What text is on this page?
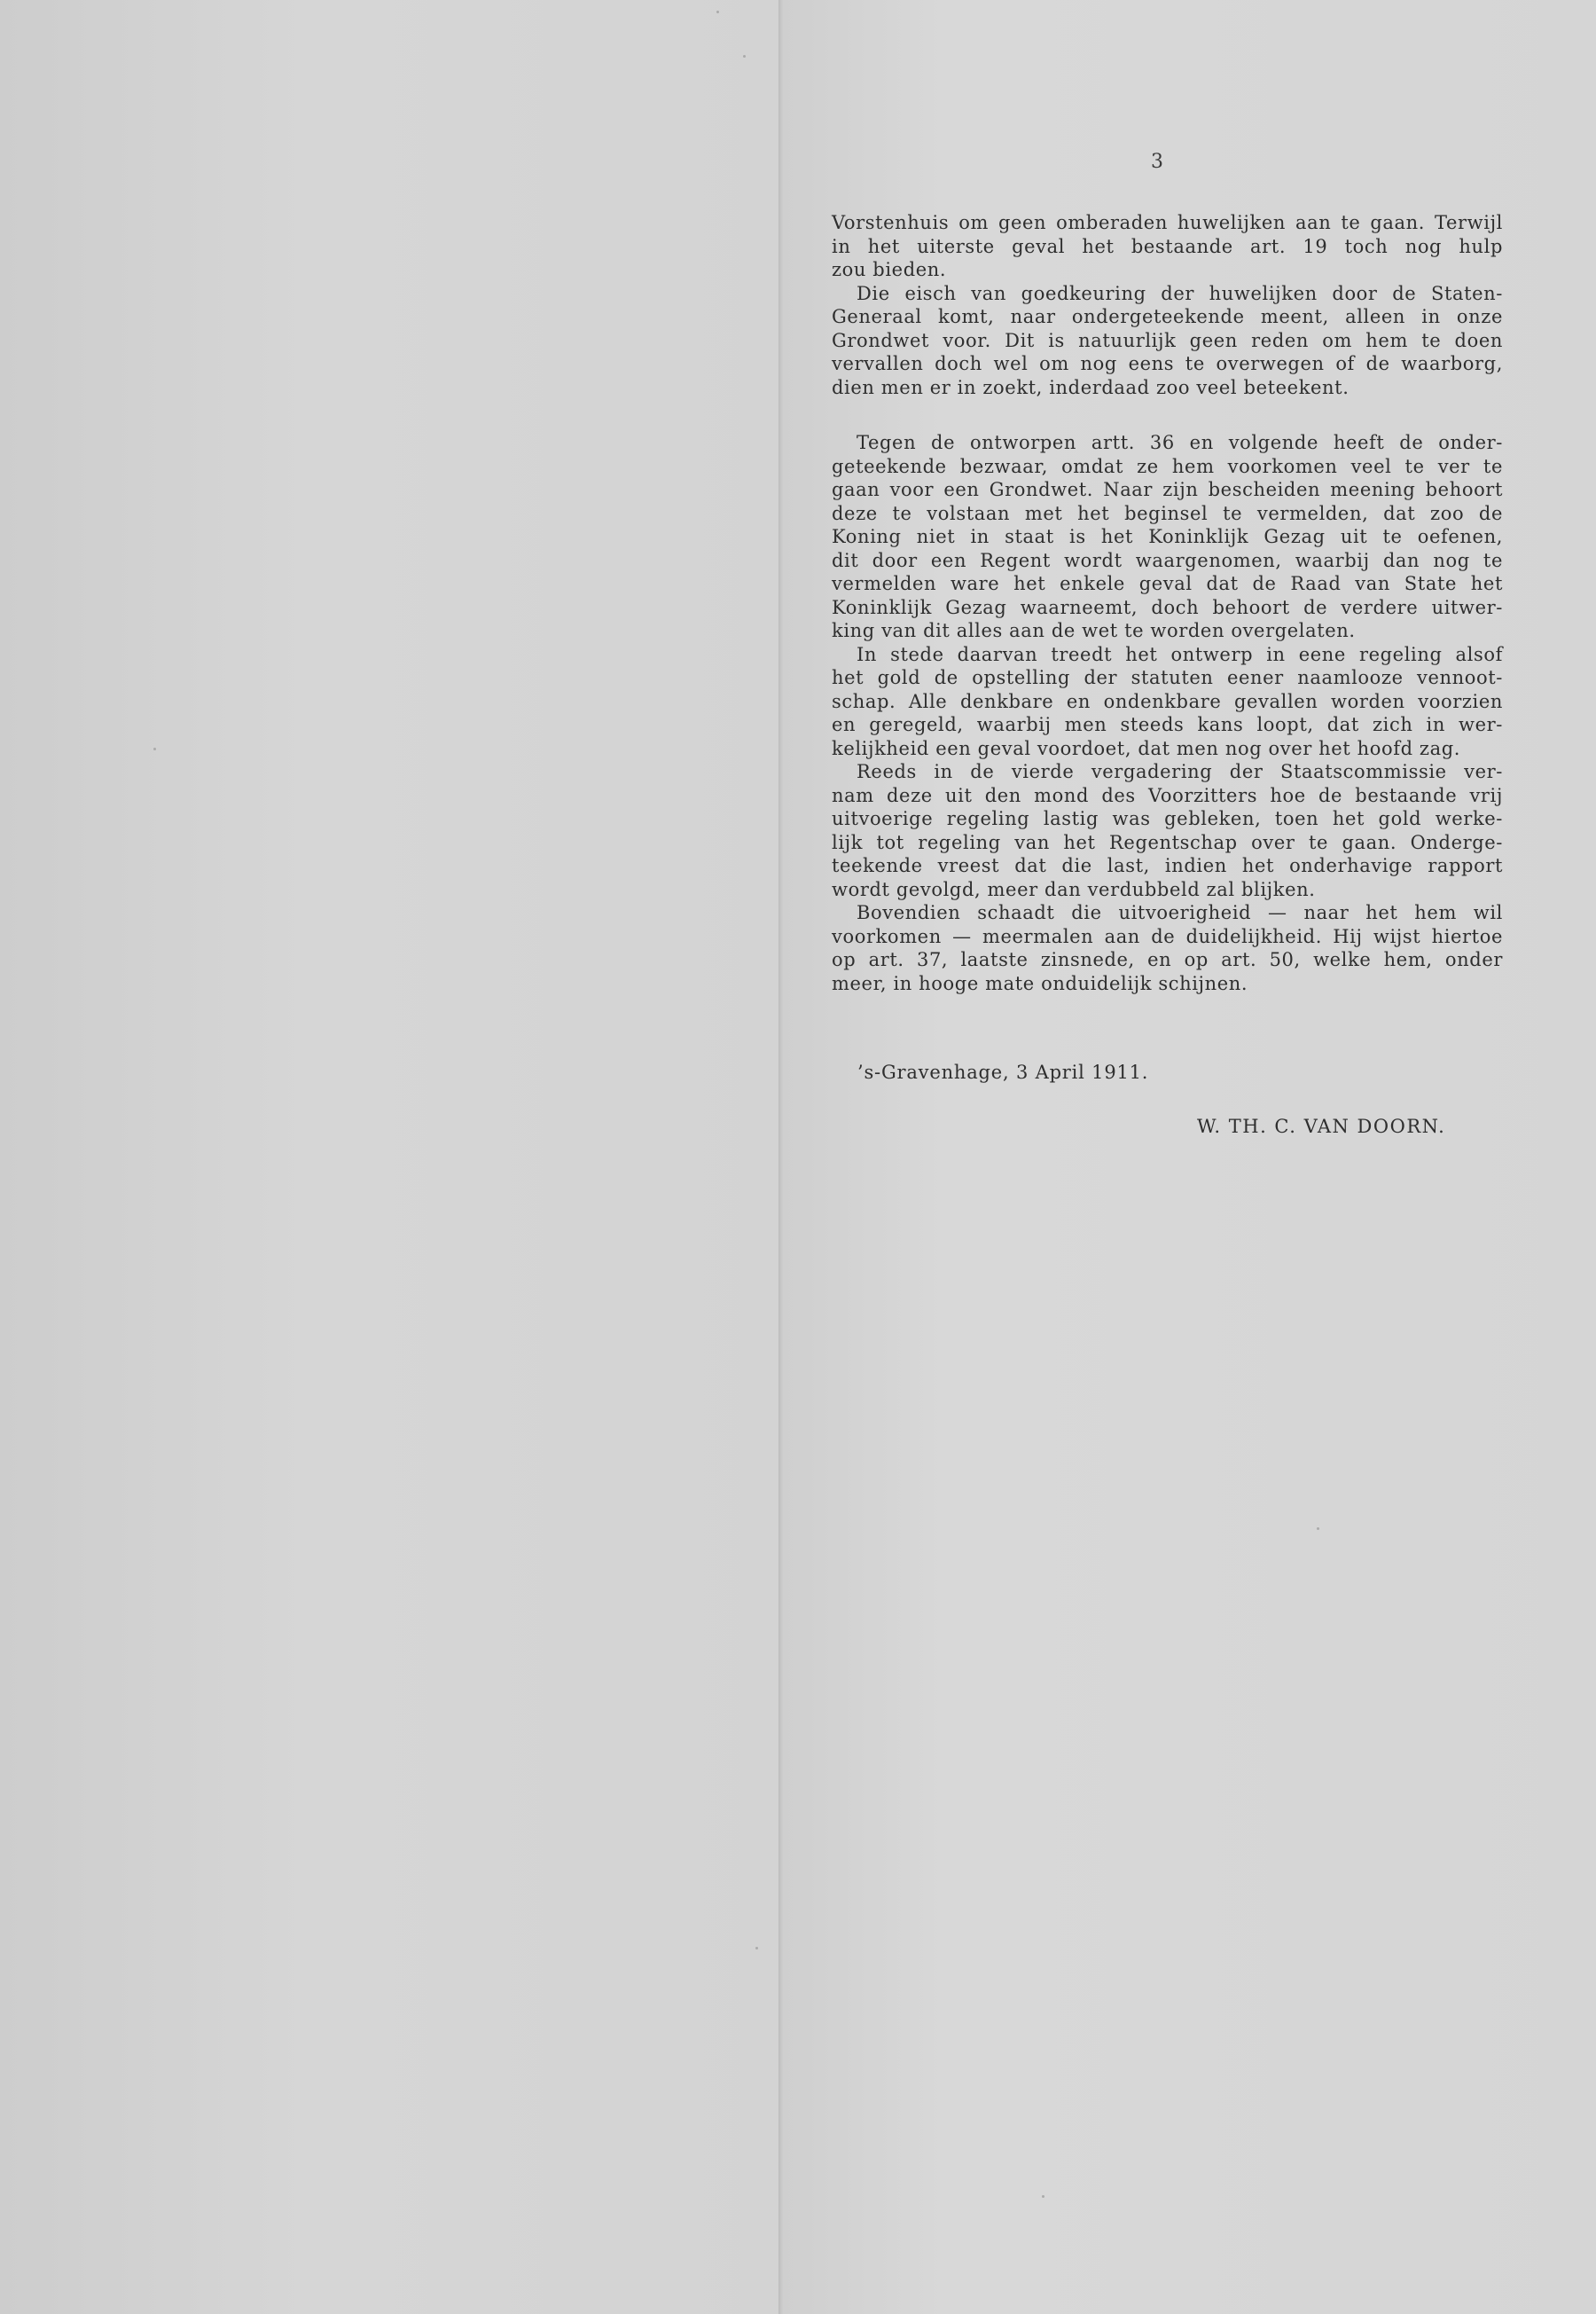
3
Vorstenhuis om geen omberaden huwelijken aan te gaan. Terwijl
in het uiterste geval het bestaande art. 19 toch nog hulp
zou bieden.
Die eisch van goedkeuring der huwelijken door de Staten-
Generaal komt, naar ondergeteekende meent, alleen in onze
Grondwet voor. Dit is natuurlijk geen reden om hem te doen
vervallen doch wel om nog eens te overwegen of de waarborg,
dien men er in zoekt, inderdaad zoo veel beteekent.
Tegen de ontworpen artt. 36 en volgende heeft de onder-
geteekende bezwaar, omdat ze hem voorkomen veel te ver te
gaan voor een Grondwet. Naar zijn bescheiden meening behoort
deze te volstaan met het beginsel te vermelden, dat zoo de
Koning niet in staat is het Koninklijk Gezag uit te oefenen,
dit door een Regent wordt waargenomen, waarbij dan nog te
vermelden ware het enkele geval dat de Raad van State het
Koninklijk Gezag waarneemt, doch behoort de verdere uitwer-
king van dit alles aan de wet te worden overgelaten.
In stede daarvan treedt het ontwerp in eene regeling alsof
het gold de opstelling der statuten eener naamlooze vennoot-
schap. Alle denkbare en ondenkbare gevallen worden voorzien
en geregeld, waarbij men steeds kans loopt, dat zich in wer-
kelijkheid een geval voordoet, dat men nog over het hoofd zag.
Reeds in de vierde vergadering der Staatscommissie ver-
nam deze uit den mond des Voorzitters hoe de bestaande vrij
uitvoerige regeling lastig was gebleken, toen het gold werke-
lijk tot regeling van het Regentschap over te gaan. Onderge-
teekende vreest dat die last, indien het onderhavige rapport
wordt gevolgd, meer dan verdubbeld zal blijken.
Bovendien schaadt die uitvoerigheid — naar het hem wil
voorkomen — meermalen aan de duidelijkheid. Hij wijst hiertoe
op art. 37, laatste zinsnede, en op art. 50, welke hem, onder
meer, in hooge mate onduidelijk schijnen.
’s-Gravenhage, 3 April 1911.
W. TH. C. VAN DOORN.
